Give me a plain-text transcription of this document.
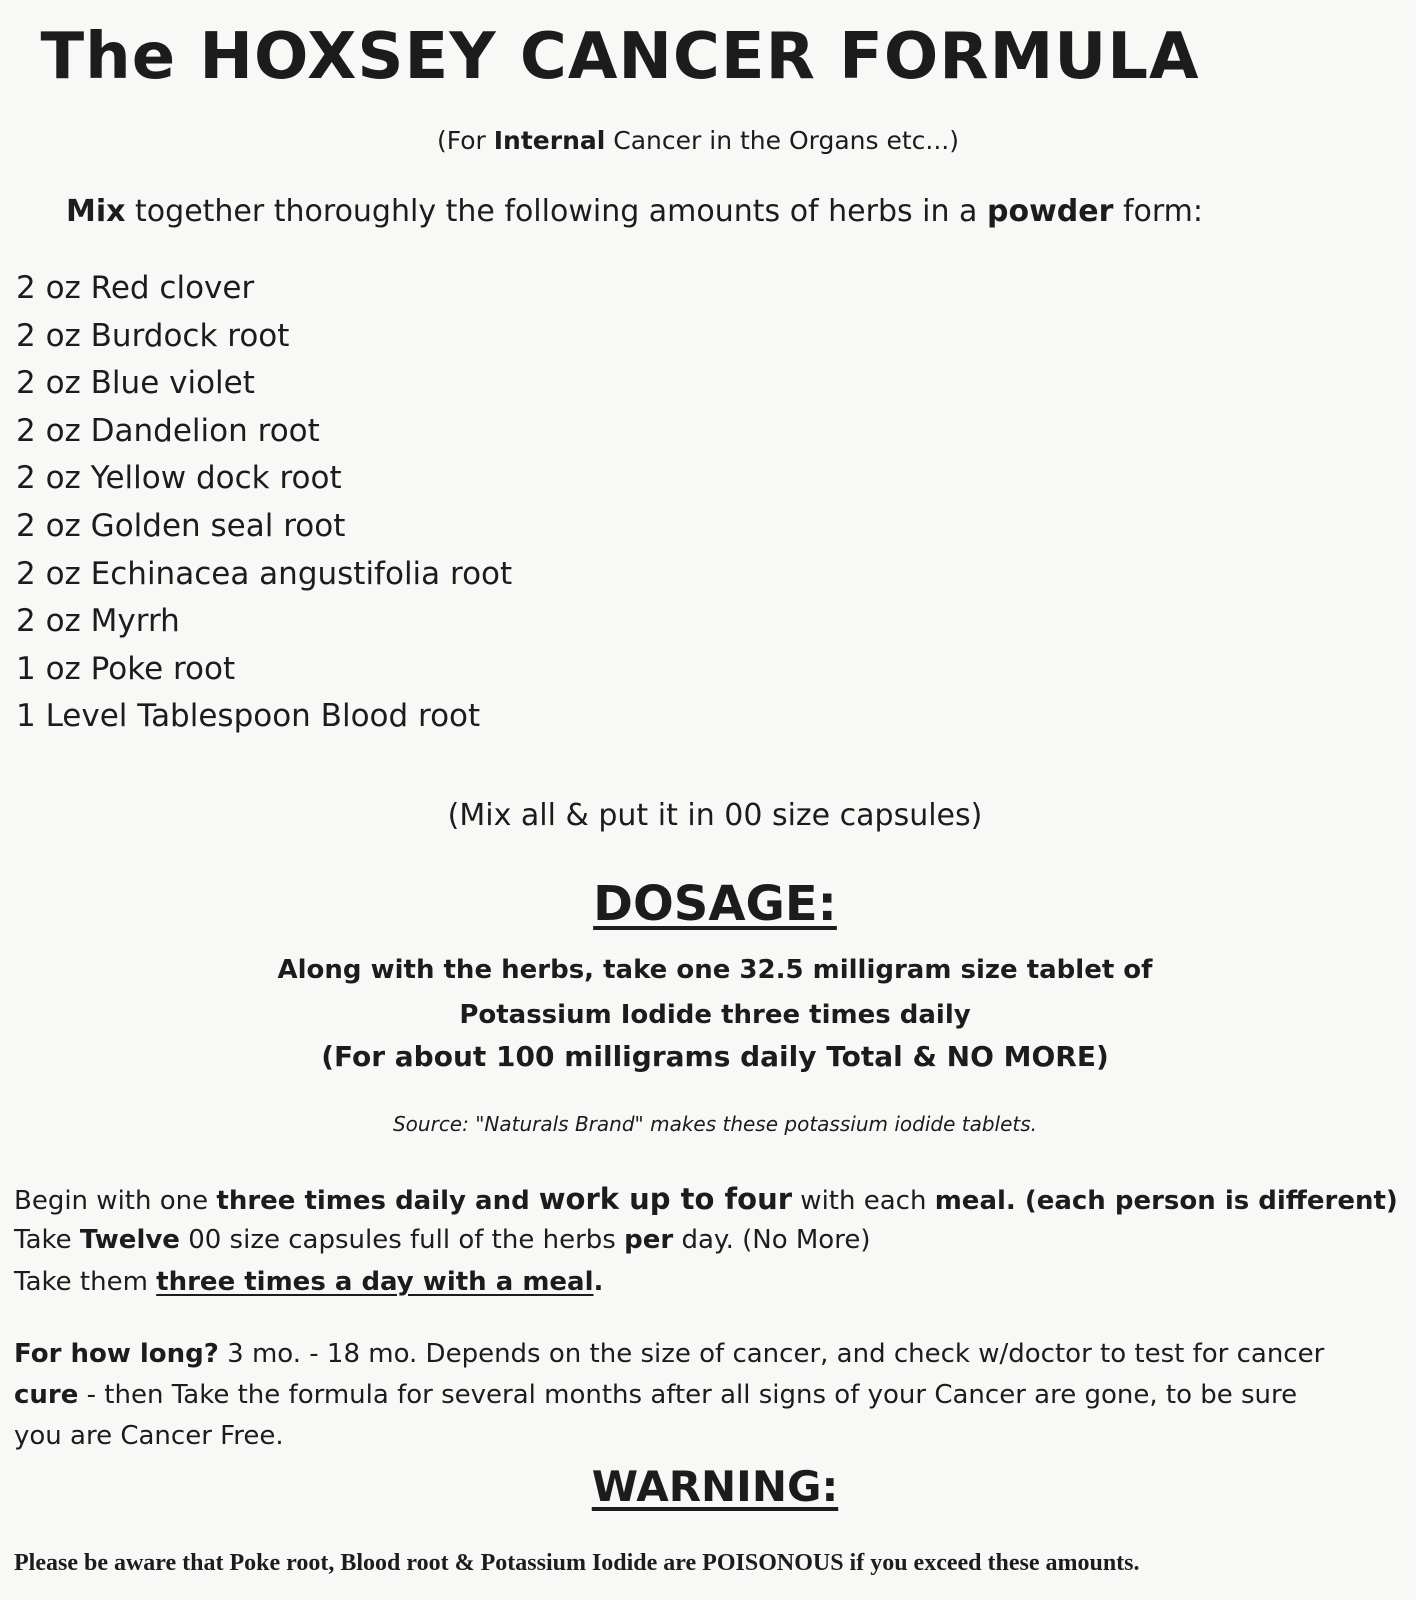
The HOXSEY CANCER FORMULA
(For Internal Cancer in the Organs etc...)
Mix together thoroughly the following amounts of herbs in a powder form:
2 oz Red clover
2 oz Burdock root
2 oz Blue violet
2 oz Dandelion root
2 oz Yellow dock root
2 oz Golden seal root
2 oz Echinacea angustifolia root
2 oz Myrrh
1 oz Poke root
1 Level Tablespoon Blood root
(Mix all & put it in 00 size capsules)
DOSAGE:
Along with the herbs, take one 32.5 milligram size tablet of
Potassium Iodide three times daily
(For about 100 milligrams daily Total & NO MORE)
Source: "Naturals Brand" makes these potassium iodide tablets.
Begin with one three times daily and work up to four with each meal. (each person is different)
Take Twelve 00 size capsules full of the herbs per day. (No More)
Take them three times a day with a meal.
For how long? 3 mo. - 18 mo. Depends on the size of cancer, and check w/doctor to test for cancer
cure - then Take the formula for several months after all signs of your Cancer are gone, to be sure
you are Cancer Free.
WARNING:
Please be aware that Poke root, Blood root & Potassium Iodide are POISONOUS if you exceed these amounts.
